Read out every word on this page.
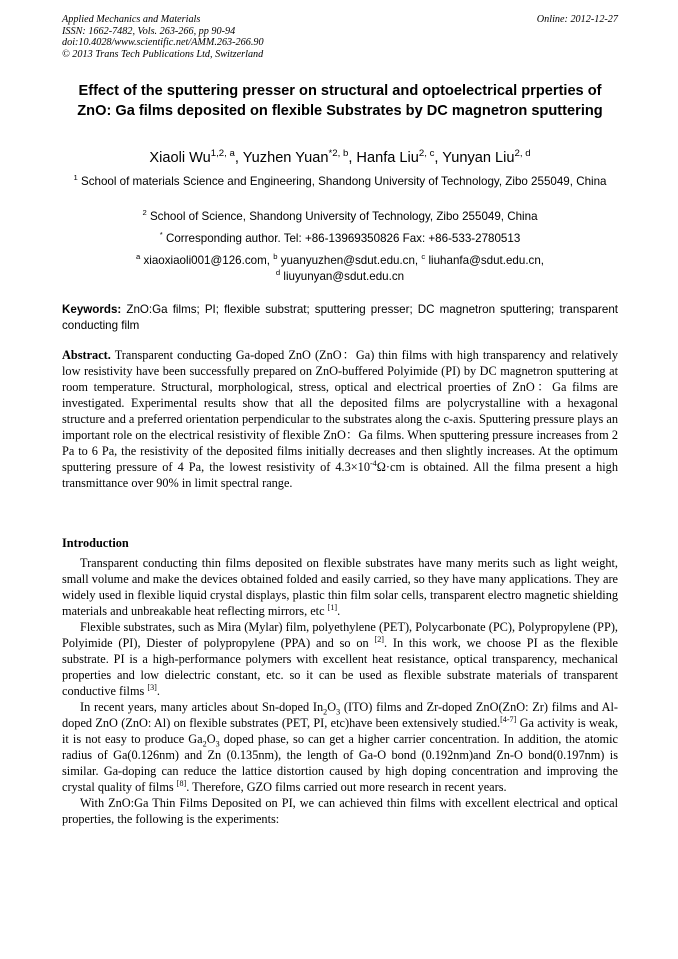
Applied Mechanics and Materials
ISSN: 1662-7482, Vols. 263-266, pp 90-94
doi:10.4028/www.scientific.net/AMM.263-266.90
© 2013 Trans Tech Publications Ltd, Switzerland
Online: 2012-12-27
Effect of the sputtering presser on structural and optoelectrical prperties of ZnO: Ga films deposited on flexible Substrates by DC magnetron sputtering
Xiaoli Wu$^{1,2, a}$, Yuzhen Yuan$^{*2, b}$, Hanfa Liu$^{2, c}$, Yunyan Liu$^{2, d}$
$^1$ School of materials Science and Engineering, Shandong University of Technology, Zibo 255049, China
$^2$ School of Science, Shandong University of Technology, Zibo 255049, China
* Corresponding author. Tel: +86-13969350826 Fax: +86-533-2780513
$^a$ xiaoxiaoli001@126.com, $^b$ yuanyuzhen@sdut.edu.cn, $^c$ liuhanfa@sdut.edu.cn,
$^d$ liuyunyan@sdut.edu.cn
Keywords: ZnO:Ga films; PI; flexible substrat; sputtering presser; DC magnetron sputtering; transparent conducting film
Abstract. Transparent conducting Ga-doped ZnO (ZnO：Ga) thin films with high transparency and relatively low resistivity have been successfully prepared on ZnO-buffered Polyimide (PI) by DC magnetron sputtering at room temperature. Structural, morphological, stress, optical and electrical proerties of ZnO：Ga films are investigated. Experimental results show that all the deposited films are polycrystalline with a hexagonal structure and a preferred orientation perpendicular to the substrates along the c-axis. Sputtering pressure plays an important role on the electrical resistivity of flexible ZnO：Ga films. When sputtering pressure increases from 2 Pa to 6 Pa, the resistivity of the deposited films initially decreases and then slightly increases. At the optimum sputtering pressure of 4 Pa, the lowest resistivity of $4.3\times 10^{-4}\Omega\cdot cm$ is obtained. All the filma present a high transmittance over 90% in limit spectral range.
Introduction

Transparent conducting thin films deposited on flexible substrates have many merits such as light weight, small volume and make the devices obtained folded and easily carried, so they have many applications. They are widely used in flexible liquid crystal displays, plastic thin film solar cells, transparent electro magnetic shielding materials and unbreakable heat reflecting mirrors, etc [1].

Flexible substrates, such as Mira (Mylar) film, polyethylene (PET), Polycarbonate (PC), Polypropylene (PP), Polyimide (PI), Diester of polypropylene (PPA) and so on [2]. In this work, we choose PI as the flexible substrate. PI is a high-performance polymers with excellent heat resistance, optical transparency, mechanical properties and low dielectric constant, etc. so it can be used as flexible substrate materials of transparent conductive films [3].

In recent years, many articles about Sn-doped $In_2O_3$ (ITO) films and Zr-doped ZnO(ZnO: Zr) films and Al- doped ZnO (ZnO: Al) on flexible substrates (PET, PI, etc)have been extensively studied.[4-7] Ga activity is weak, it is not easy to produce $Ga_2O_3$ doped phase, so can get a higher carrier concentration. In addition, the atomic radius of Ga(0.126nm) and Zn (0.135nm), the length of Ga-O bond (0.192nm)and Zn-O bond(0.197nm) is similar. Ga-doping can reduce the lattice distortion caused by high doping concentration and improving the crystal quality of films [8]. Therefore, GZO films carried out more research in recent years.

With ZnO:Ga Thin Films Deposited on PI, we can achieved thin films with excellent electrical and optical properties, the following is the experiments:
